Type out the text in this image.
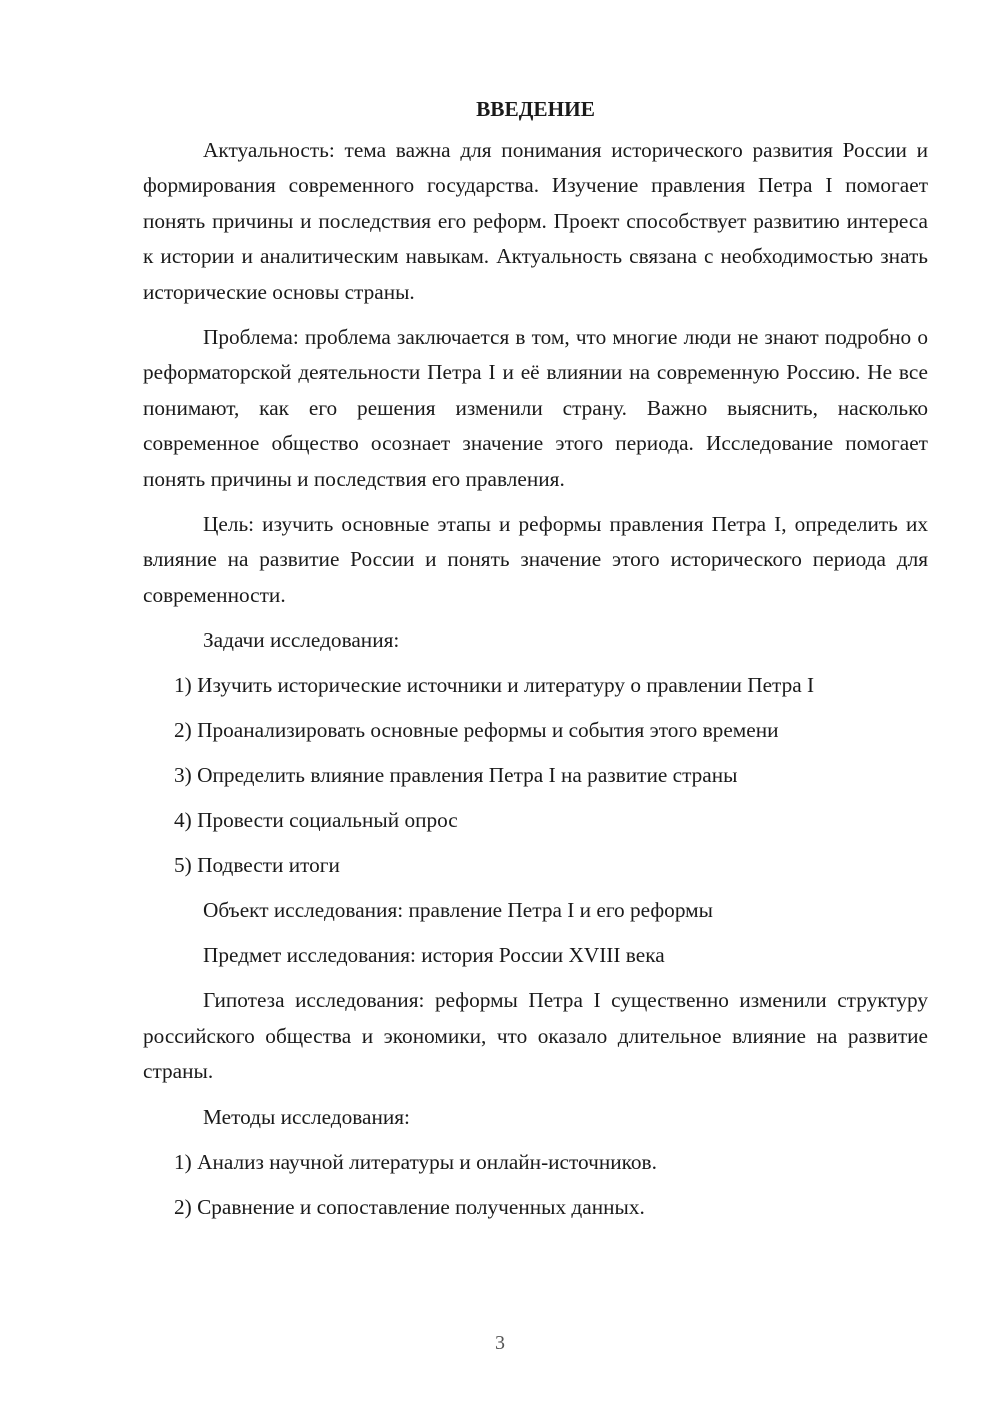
ВВЕДЕНИЕ

Актуальность: тема важна для понимания исторического развития России и формирования современного государства. Изучение правления Петра I помогает понять причины и последствия его реформ. Проект способствует развитию интереса к истории и аналитическим навыкам. Актуальность связана с необходимостью знать исторические основы страны.

Проблема: проблема заключается в том, что многие люди не знают подробно о реформаторской деятельности Петра I и её влиянии на современную Россию. Не все понимают, как его решения изменили страну. Важно выяснить, насколько современное общество осознает значение этого периода. Исследование помогает понять причины и последствия его правления.

Цель: изучить основные этапы и реформы правления Петра I, определить их влияние на развитие России и понять значение этого исторического периода для современности.

Задачи исследования:

1) Изучить исторические источники и литературу о правлении Петра I

2) Проанализировать основные реформы и события этого времени

3) Определить влияние правления Петра I на развитие страны

4) Провести социальный опрос

5) Подвести итоги

Объект исследования: правление Петра I и его реформы

Предмет исследования: история России XVIII века

Гипотеза исследования: реформы Петра I существенно изменили структуру российского общества и экономики, что оказало длительное влияние на развитие страны.

Методы исследования:

1) Анализ научной литературы и онлайн-источников.

2) Сравнение и сопоставление полученных данных.

3
